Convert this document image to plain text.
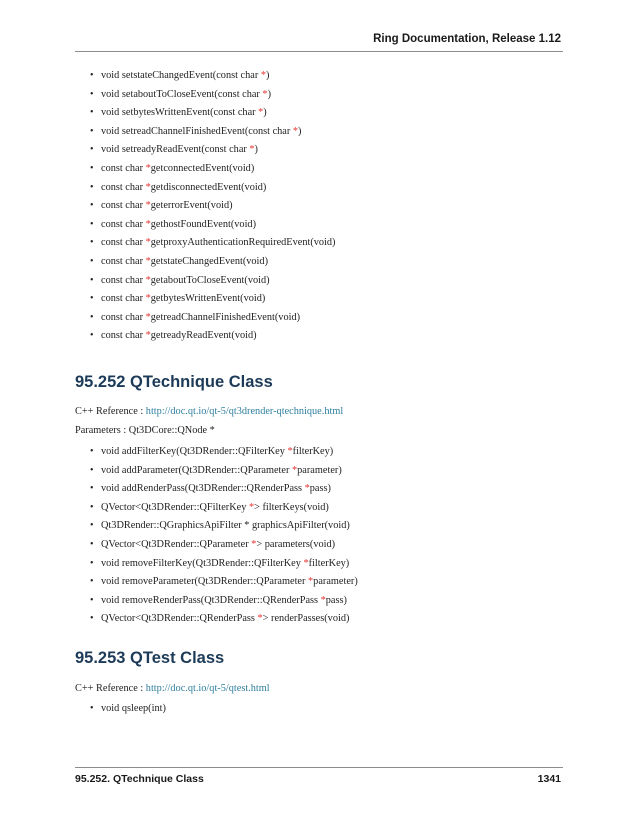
Ring Documentation, Release 1.12
• void setstateChangedEvent(const char *)
• void setaboutToCloseEvent(const char *)
• void setbytesWrittenEvent(const char *)
• void setreadChannelFinishedEvent(const char *)
• void setreadyReadEvent(const char *)
• const char *getconnectedEvent(void)
• const char *getdisconnectedEvent(void)
• const char *geterrorEvent(void)
• const char *gethostFoundEvent(void)
• const char *getproxyAuthenticationRequiredEvent(void)
• const char *getstateChangedEvent(void)
• const char *getaboutToCloseEvent(void)
• const char *getbytesWrittenEvent(void)
• const char *getreadChannelFinishedEvent(void)
• const char *getreadyReadEvent(void)
95.252 QTechnique Class
C++ Reference : http://doc.qt.io/qt-5/qt3drender-qtechnique.html
Parameters : Qt3DCore::QNode *
• void addFilterKey(Qt3DRender::QFilterKey *filterKey)
• void addParameter(Qt3DRender::QParameter *parameter)
• void addRenderPass(Qt3DRender::QRenderPass *pass)
• QVector<Qt3DRender::QFilterKey *> filterKeys(void)
• Qt3DRender::QGraphicsApiFilter * graphicsApiFilter(void)
• QVector<Qt3DRender::QParameter *> parameters(void)
• void removeFilterKey(Qt3DRender::QFilterKey *filterKey)
• void removeParameter(Qt3DRender::QParameter *parameter)
• void removeRenderPass(Qt3DRender::QRenderPass *pass)
• QVector<Qt3DRender::QRenderPass *> renderPasses(void)
95.253 QTest Class
C++ Reference : http://doc.qt.io/qt-5/qtest.html
• void qsleep(int)
95.252. QTechnique Class	1341
